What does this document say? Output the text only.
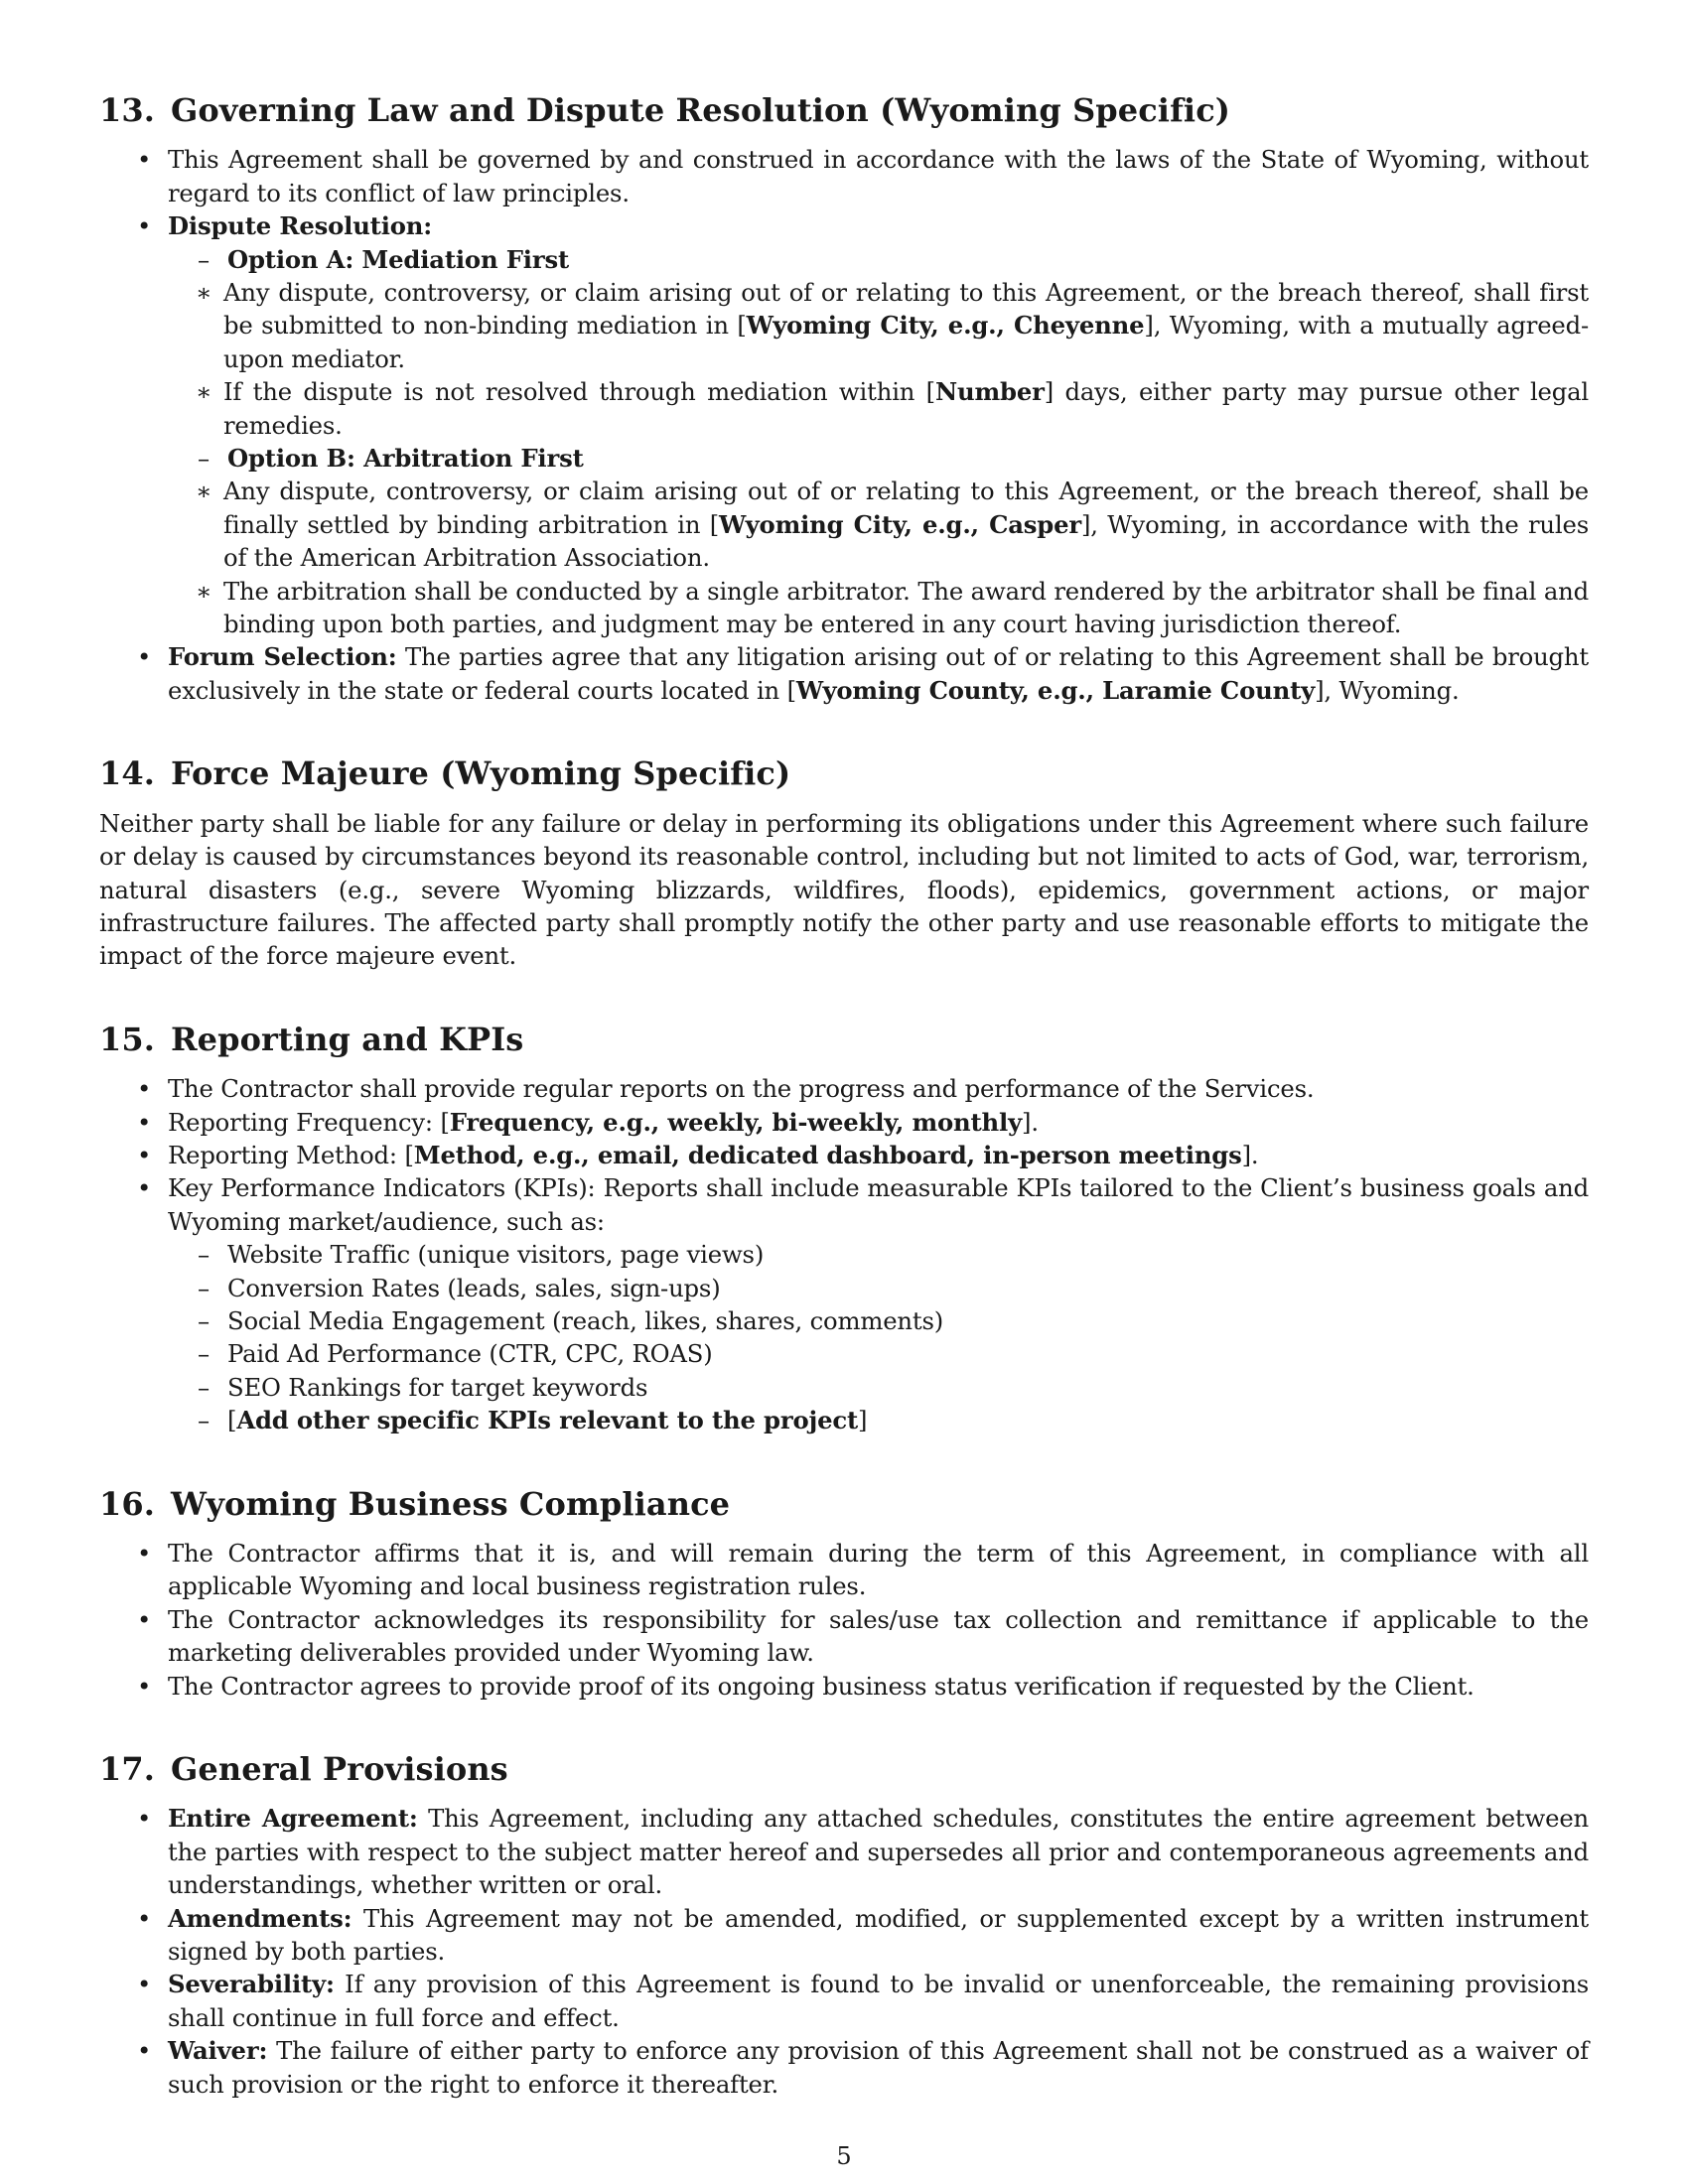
13. Governing Law and Dispute Resolution (Wyoming Specific)
• This Agreement shall be governed by and construed in accordance with the laws of the State of Wyoming, without regard to its conflict of law principles.
• Dispute Resolution:
– Option A: Mediation First
∗ Any dispute, controversy, or claim arising out of or relating to this Agreement, or the breach thereof, shall first be submitted to non-binding mediation in [Wyoming City, e.g., Cheyenne], Wyoming, with a mutually agreed-upon mediator.
∗ If the dispute is not resolved through mediation within [Number] days, either party may pursue other legal remedies.
– Option B: Arbitration First
∗ Any dispute, controversy, or claim arising out of or relating to this Agreement, or the breach thereof, shall be finally settled by binding arbitration in [Wyoming City, e.g., Casper], Wyoming, in accordance with the rules of the American Arbitration Association.
∗ The arbitration shall be conducted by a single arbitrator. The award rendered by the arbitrator shall be final and binding upon both parties, and judgment may be entered in any court having jurisdiction thereof.
• Forum Selection: The parties agree that any litigation arising out of or relating to this Agreement shall be brought exclusively in the state or federal courts located in [Wyoming County, e.g., Laramie County], Wyoming.
14. Force Majeure (Wyoming Specific)

Neither party shall be liable for any failure or delay in performing its obligations under this Agreement where such failure or delay is caused by circumstances beyond its reasonable control, including but not limited to acts of God, war, terrorism, natural disasters (e.g., severe Wyoming blizzards, wildfires, floods), epidemics, government actions, or major infrastructure failures. The affected party shall promptly notify the other party and use reasonable efforts to mitigate the impact of the force majeure event.

15. Reporting and KPIs
• The Contractor shall provide regular reports on the progress and performance of the Services.
• Reporting Frequency: [Frequency, e.g., weekly, bi-weekly, monthly].
• Reporting Method: [Method, e.g., email, dedicated dashboard, in-person meetings].
• Key Performance Indicators (KPIs): Reports shall include measurable KPIs tailored to the Client’s business goals and Wyoming market/audience, such as:
– Website Traffic (unique visitors, page views)
– Conversion Rates (leads, sales, sign-ups)
– Social Media Engagement (reach, likes, shares, comments)
– Paid Ad Performance (CTR, CPC, ROAS)
– SEO Rankings for target keywords
– [Add other specific KPIs relevant to the project]
16. Wyoming Business Compliance
• The Contractor affirms that it is, and will remain during the term of this Agreement, in compliance with all applicable Wyoming and local business registration rules.
• The Contractor acknowledges its responsibility for sales/use tax collection and remittance if applicable to the marketing deliverables provided under Wyoming law.
• The Contractor agrees to provide proof of its ongoing business status verification if requested by the Client.
17. General Provisions
• Entire Agreement: This Agreement, including any attached schedules, constitutes the entire agreement between the parties with respect to the subject matter hereof and supersedes all prior and contemporaneous agreements and understandings, whether written or oral.
• Amendments: This Agreement may not be amended, modified, or supplemented except by a written instrument signed by both parties.
• Severability: If any provision of this Agreement is found to be invalid or unenforceable, the remaining provisions shall continue in full force and effect.
• Waiver: The failure of either party to enforce any provision of this Agreement shall not be construed as a waiver of such provision or the right to enforce it thereafter.
5
